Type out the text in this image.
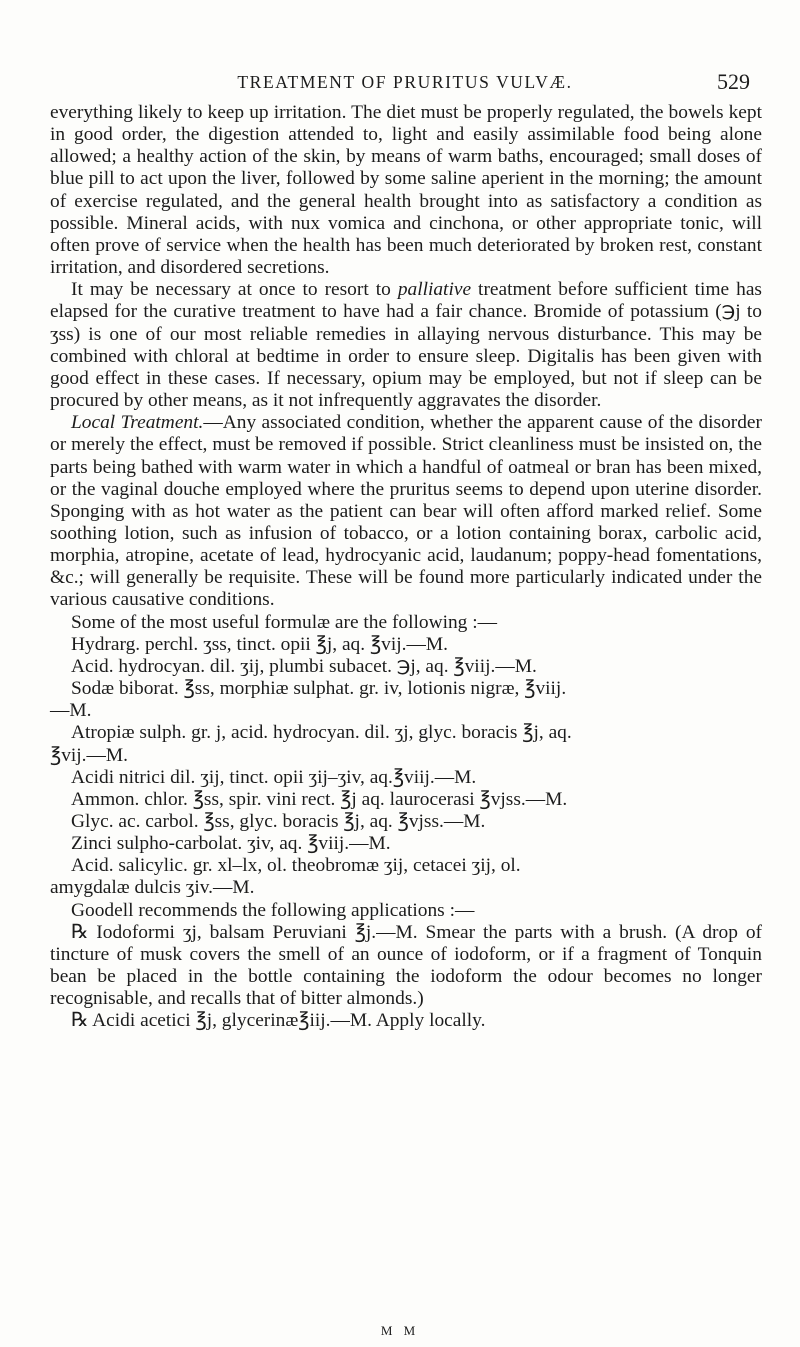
TREATMENT OF PRURITUS VULVÆ.	529

everything likely to keep up irritation. The diet must be properly regulated, the bowels kept in good order, the digestion attended to, light and easily assimilable food being alone allowed; a healthy action of the skin, by means of warm baths, encouraged; small doses of blue pill to act upon the liver, followed by some saline aperient in the morning; the amount of exercise regulated, and the general health brought into as satisfactory a condition as possible. Mineral acids, with nux vomica and cinchona, or other appropriate tonic, will often prove of service when the health has been much deteriorated by broken rest, constant irritation, and disordered secretions.

It may be necessary at once to resort to palliative treatment before sufficient time has elapsed for the curative treatment to have had a fair chance. Bromide of potassium (℈j to ʒss) is one of our most reliable remedies in allaying nervous disturbance. This may be combined with chloral at bedtime in order to ensure sleep. Digitalis has been given with good effect in these cases. If necessary, opium may be employed, but not if sleep can be procured by other means, as it not infrequently aggravates the disorder.

Local Treatment.—Any associated condition, whether the apparent cause of the disorder or merely the effect, must be removed if possible. Strict cleanliness must be insisted on, the parts being bathed with warm water in which a handful of oatmeal or bran has been mixed, or the vaginal douche employed where the pruritus seems to depend upon uterine disorder. Sponging with as hot water as the patient can bear will often afford marked relief. Some soothing lotion, such as infusion of tobacco, or a lotion containing borax, carbolic acid, morphia, atropine, acetate of lead, hydrocyanic acid, laudanum; poppy-head fomentations, &c.; will generally be requisite. These will be found more particularly indicated under the various causative conditions.

Some of the most useful formulæ are the following :—

Hydrarg. perchl. ʒss, tinct. opii ℥j, aq. ℥vij.—M.

Acid. hydrocyan. dil. ʒij, plumbi subacet. ℈j, aq. ℥viij.—M.

Sodæ biborat. ℥ss, morphiæ sulphat. gr. iv, lotionis nigræ, ℥viij.

—M.

Atropiæ sulph. gr. j, acid. hydrocyan. dil. ʒj, glyc. boracis ℥j, aq.

℥vij.—M.

Acidi nitrici dil. ʒij, tinct. opii ʒij–ʒiv, aq.℥viij.—M.

Ammon. chlor. ℥ss, spir. vini rect. ℥j aq. laurocerasi ℥vjss.—M.

Glyc. ac. carbol. ℥ss, glyc. boracis ℥j, aq. ℥vjss.—M.

Zinci sulpho-carbolat. ʒiv, aq. ℥viij.—M.

Acid. salicylic. gr. xl–lx, ol. theobromæ ʒij, cetacei ʒij, ol.

amygdalæ dulcis ʒiv.—M.

Goodell recommends the following applications :—

℞ Iodoformi ʒj, balsam Peruviani ℥j.—M. Smear the parts with a brush. (A drop of tincture of musk covers the smell of an ounce of iodoform, or if a fragment of Tonquin bean be placed in the bottle containing the iodoform the odour becomes no longer recognisable, and recalls that of bitter almonds.)

℞ Acidi acetici ℥j, glycerinæ℥iij.—M. Apply locally.

M M
